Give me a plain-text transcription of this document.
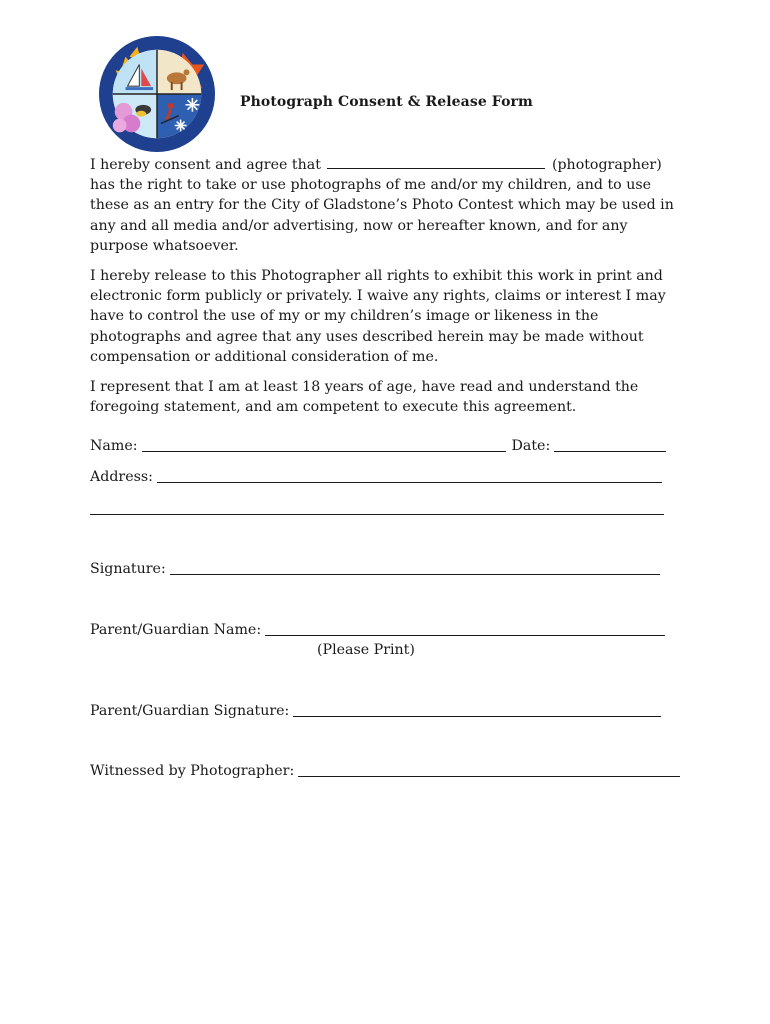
Photograph Consent & Release Form

I hereby consent and agree that	(photographer) has the right to take or use photographs of me and/or my children, and to use these as an entry for the City of Gladstone’s Photo Contest which may be used in any and all media and/or advertising, now or hereafter known, and for any purpose whatsoever.

I hereby release to this Photographer all rights to exhibit this work in print and electronic form publicly or privately. I waive any rights, claims or interest I may have to control the use of my or my children’s image or likeness in the photographs and agree that any uses described herein may be made without compensation or additional consideration of me.

I represent that I am at least 18 years of age, have read and understand the foregoing statement, and am competent to execute this agreement.

Name:	Date:
Address:
Signature:
Parent/Guardian Name:
(Please Print)
Parent/Guardian Signature:
Witnessed by Photographer:
